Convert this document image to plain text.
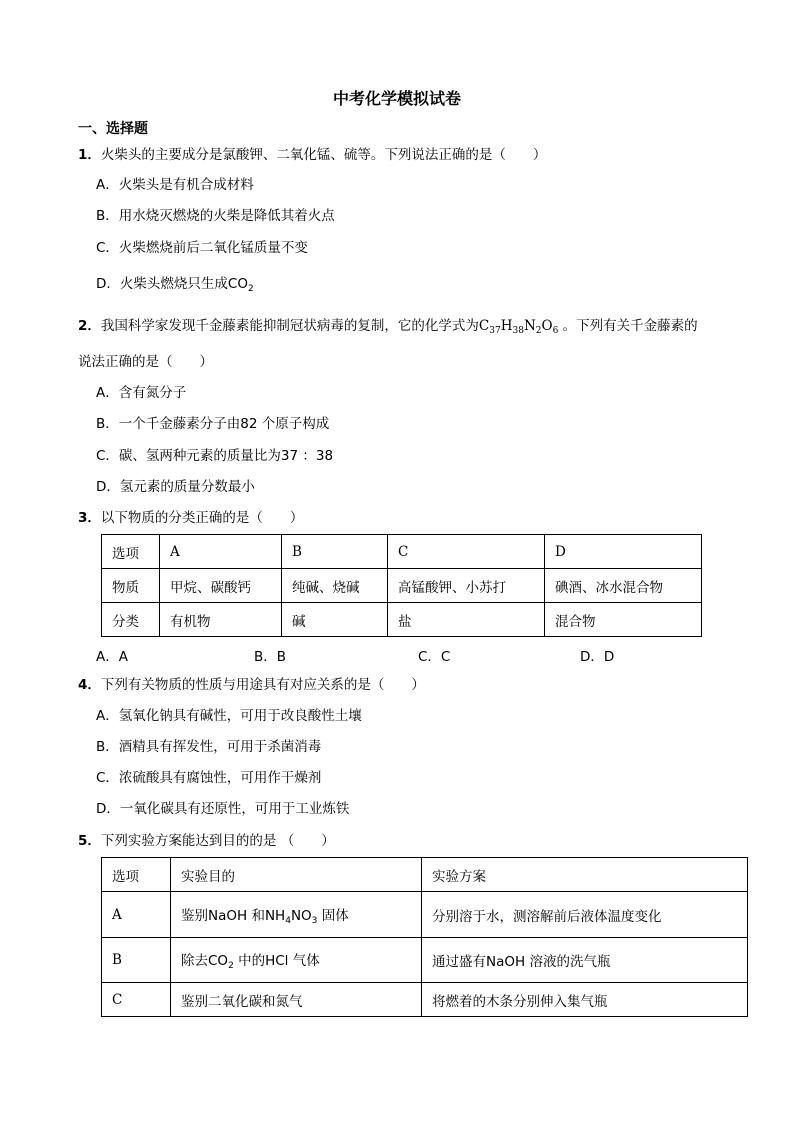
中考化学模拟试卷
一、选择题
1．火柴头的主要成分是氯酸钾、二氧化锰、硫等。下列说法正确的是（　　）
A．火柴头是有机合成材料
B．用水烧灭燃烧的火柴是降低其着火点
C．火柴燃烧前后二氧化锰质量不变
D．火柴头燃烧只生成$CO_2$
2．我国科学家发现千金藤素能抑制冠状病毒的复制，它的化学式为$C_{37}H_{38}N_2O_6$ 。下列有关千金藤素的
说法正确的是（　　）
A．含有氮分子
B．一个千金藤素分子由82 个原子构成
C．碳、氢两种元素的质量比为37 ：38
D．氢元素的质量分数最小
3．以下物质的分类正确的是（　　）
选项	A	B	C	D
物质	甲烷、碳酸钙	纯碱、烧碱	高锰酸钾、小苏打	碘酒、冰水混合物
分类	有机物	碱	盐	混合物
A．A	B．B	C．C	D．D
4．下列有关物质的性质与用途具有对应关系的是（　　）
A．氢氧化钠具有碱性，可用于改良酸性土壤
B．酒精具有挥发性，可用于杀菌消毒
C．浓硫酸具有腐蚀性，可用作干燥剂
D．一氧化碳具有还原性，可用于工业炼铁
5．下列实验方案能达到目的的是 （　　）
选项	实验目的	实验方案
A	鉴别NaOH 和$NH_4NO_3$ 固体	分别溶于水，测溶解前后液体温度变化
B	除去$CO_2$ 中的HCl 气体	通过盛有NaOH 溶液的洗气瓶
C	鉴别二氧化碳和氮气	将燃着的木条分别伸入集气瓶
